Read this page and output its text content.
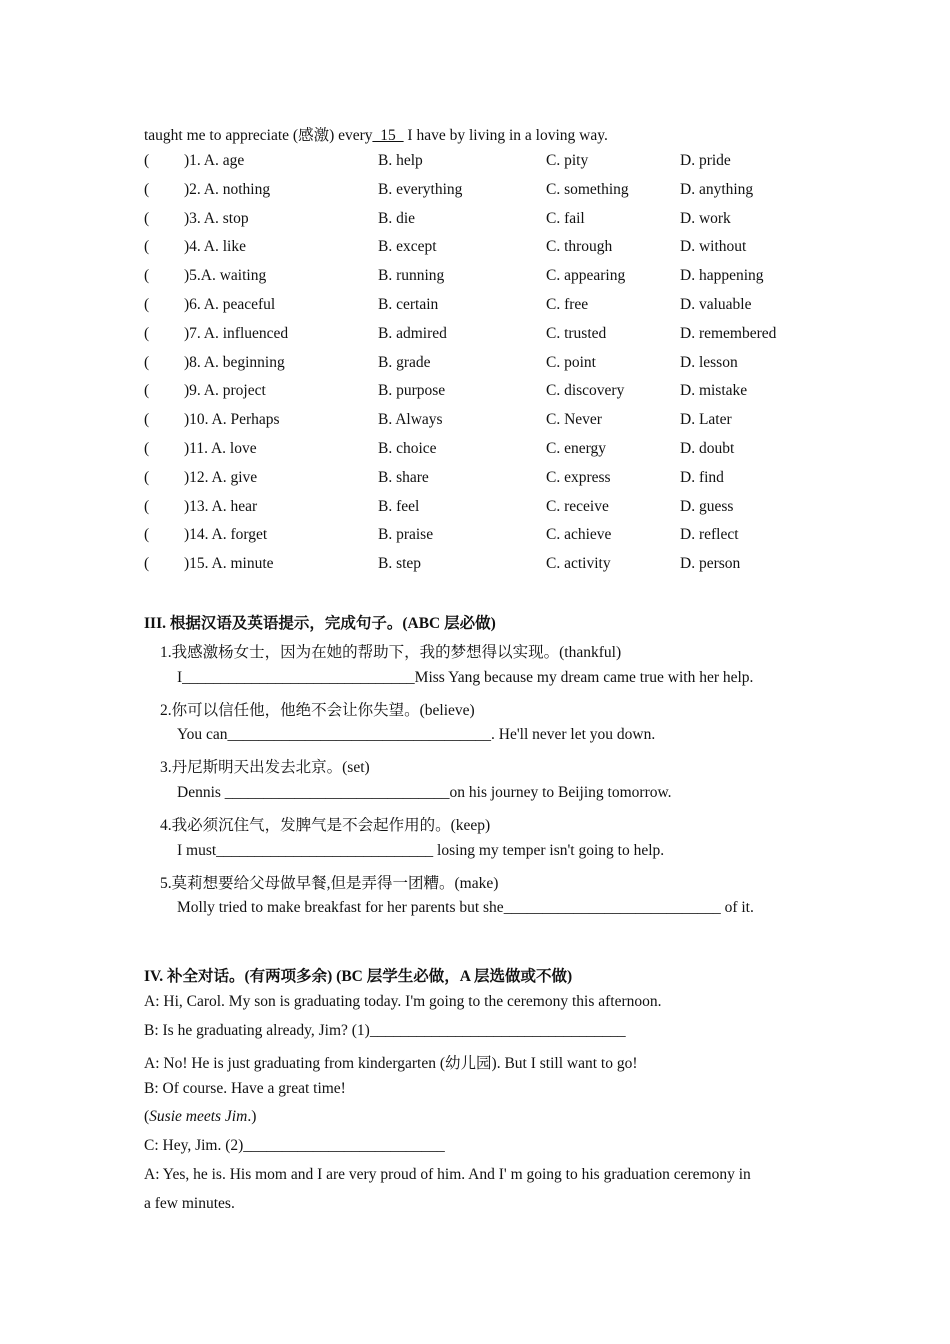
taught me to appreciate (感激) every_15_ I have by living in a loving way.
( )1. A. age	B. help	C. pity	D. pride
( )2. A. nothing	B. everything	C. something	D. anything
( )3. A. stop	B. die	C. fail	D. work
( )4. A. like	B. except	C. through	D. without
( )5.A. waiting	B. running	C. appearing	D. happening
( )6. A. peaceful	B. certain	C. free	D. valuable
( )7. A. influenced	B. admired	C. trusted	D. remembered
( )8. A. beginning	B. grade	C. point	D. lesson
( )9. A. project	B. purpose	C. discovery	D. mistake
( )10. A. Perhaps	B. Always	C. Never	D. Later
( )11. A. love	B. choice	C. energy	D. doubt
( )12. A. give	B. share	C. express	D. find
( )13. A. hear	B. feel	C. receive	D. guess
( )14. A. forget	B. praise	C. achieve	D. reflect
( )15. A. minute	B. step	C. activity	D. person
III. 根据汉语及英语提示，完成句子。(ABC 层必做)
1.我感激杨女士，因为在她的帮助下，我的梦想得以实现。(thankful)
I______________________________Miss Yang because my dream came true with her help.
2.你可以信任他，他绝不会让你失望。(believe)
You can__________________________________. He'll never let you down.
3.丹尼斯明天出发去北京。(set)
Dennis _____________________________on his journey to Beijing tomorrow.
4.我必须沉住气，发脾气是不会起作用的。(keep)
I must____________________________ losing my temper isn't going to help.
5.莫莉想要给父母做早餐,但是弄得一团糟。(make)
Molly tried to make breakfast for her parents but she____________________________ of it.
IV. 补全对话。(有两项多余) (BC 层学生必做，A 层选做或不做)
A: Hi, Carol. My son is graduating today. I'm going to the ceremony this afternoon.
B: Is he graduating already, Jim? (1)_________________________________
A: No! He is just graduating from kindergarten (幼儿园). But I still want to go!
B: Of course. Have a great time!
(Susie meets Jim.)
C: Hey, Jim. (2)__________________________
A: Yes, he is. His mom and I are very proud of him. And I' m going to his graduation ceremony in
a few minutes.
